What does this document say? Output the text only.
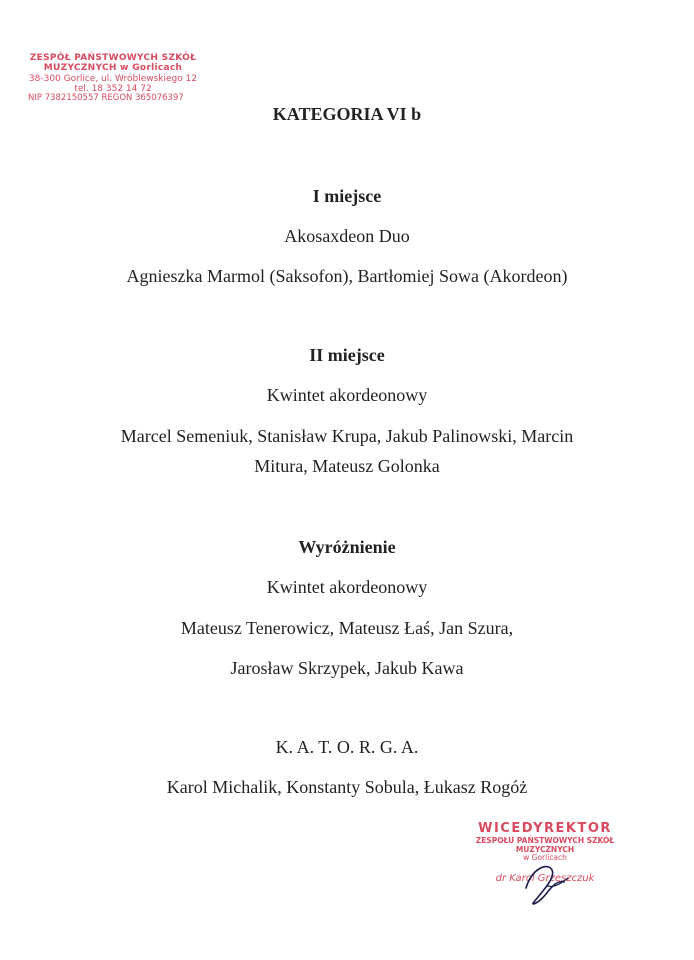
ZESPÓŁ PAŃSTWOWYCH SZKÓŁ
MUZYCZNYCH w Gorlicach
38-300 Gorlice, ul. Wróblewskiego 12
tel. 18 352 14 72
NIP 7382150557 REGON 365076397
KATEGORIA VI b
I miejsce
Akosaxdeon Duo
Agnieszka Marmol (Saksofon), Bartłomiej Sowa (Akordeon)
II miejsce
Kwintet akordeonowy
Marcel Semeniuk, Stanisław Krupa, Jakub Palinowski, Marcin
Mitura, Mateusz Golonka
Wyróżnienie
Kwintet akordeonowy
Mateusz Tenerowicz, Mateusz Łaś, Jan Szura,
Jarosław Skrzypek, Jakub Kawa
K. A. T. O. R. G. A.
Karol Michalik, Konstanty Sobula, Łukasz Rogóż
WICEDYREKTOR
ZESPOŁU PAŃSTWOWYCH SZKÓŁ MUZYCZNYCH
w Gorlicach
dr Karol Grzeszczuk
